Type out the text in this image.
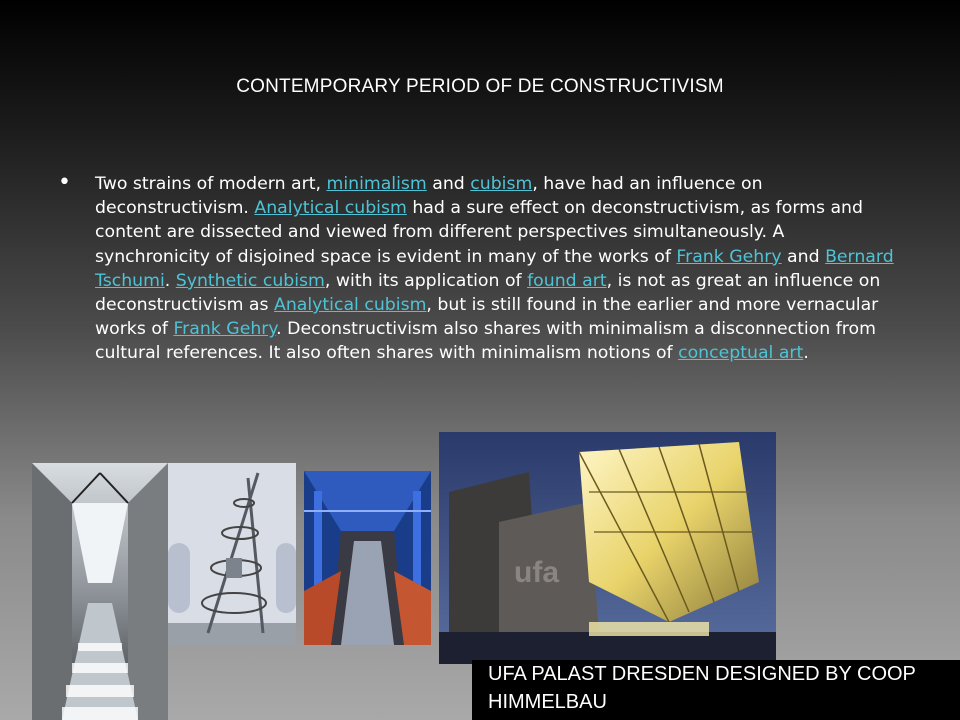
CONTEMPORARY PERIOD OF DE CONSTRUCTIVISM
• Two strains of modern art, minimalism and cubism, have had an influence on deconstructivism. Analytical cubism had a sure effect on deconstructivism, as forms and content are dissected and viewed from different perspectives simultaneously. A synchronicity of disjoined space is evident in many of the works of Frank Gehry and Bernard Tschumi. Synthetic cubism, with its application of found art, is not as great an influence on deconstructivism as Analytical cubism, but is still found in the earlier and more vernacular works of Frank Gehry. Deconstructivism also shares with minimalism a disconnection from cultural references. It also often shares with minimalism notions of conceptual art.
ufa
UFA PALAST DRESDEN DESIGNED BY COOP HIMMELBAU
